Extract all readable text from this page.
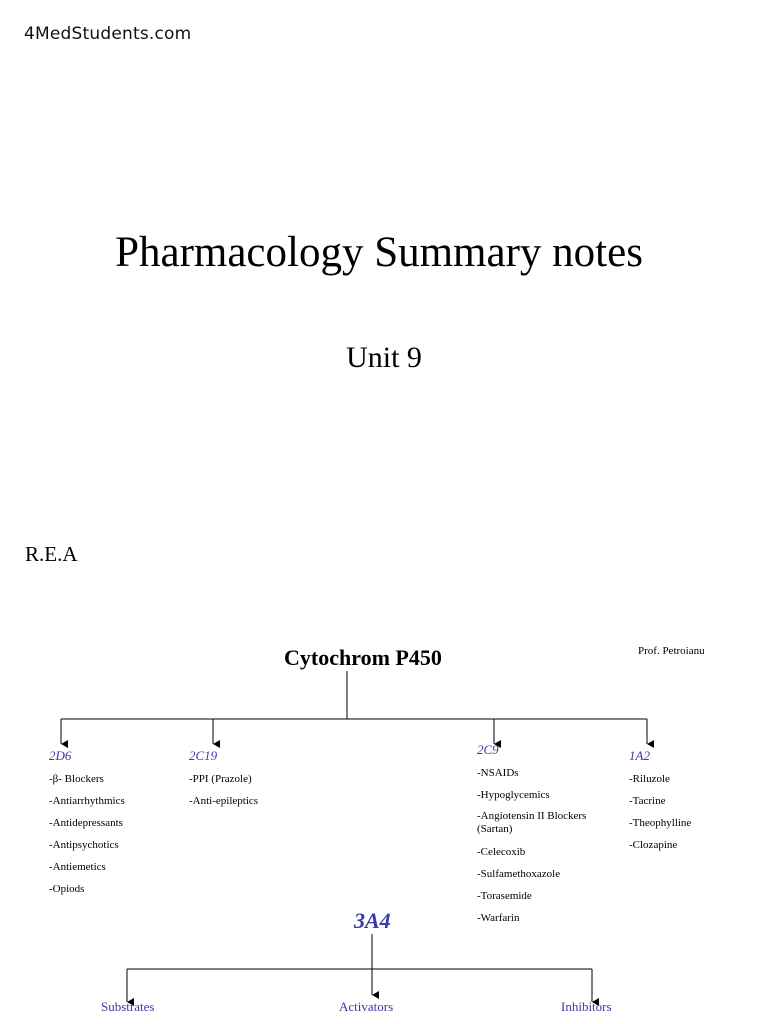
4MedStudents.com
Pharmacology Summary notes
Unit 9
R.E.A
Cytochrom P450	Prof. Petroianu
2D6
-β- Blockers
-Antiarrhythmics
-Antidepressants
-Antipsychotics
-Antiemetics
-Opiods
2C19
-PPI (Prazole)
-Anti-epileptics
2C9
-NSAIDs
-Hypoglycemics
-Angiotensin II Blockers (Sartan)
-Celecoxib
-Sulfamethoxazole
-Torasemide
-Warfarin
1A2
-Riluzole
-Tacrine
-Theophylline
-Clozapine
3A4
Substrates	Activators	Inhibitors
